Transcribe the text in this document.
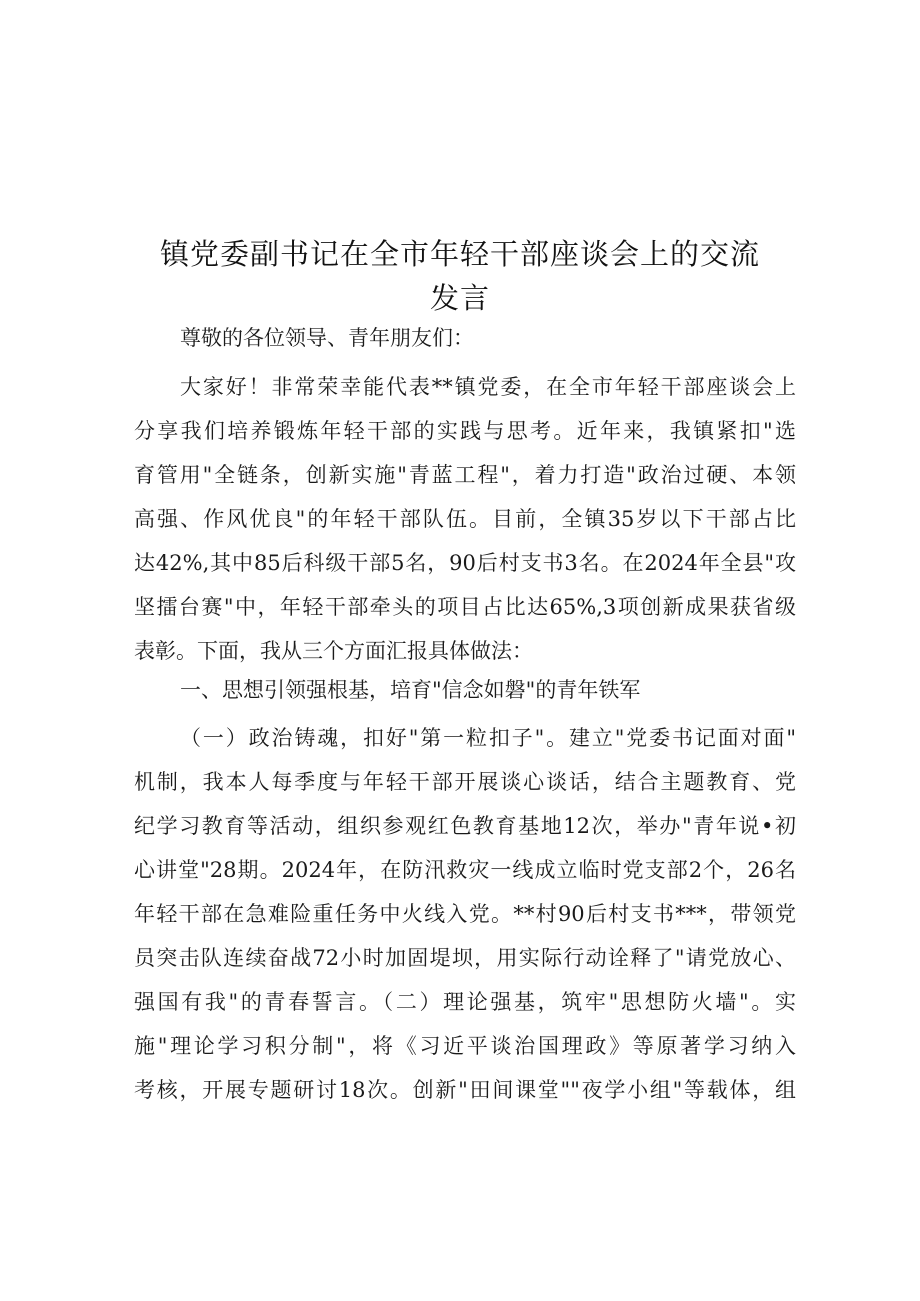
镇党委副书记在全市年轻干部座谈会上的交流
发言
尊敬的各位领导、青年朋友们：
大家好！非常荣幸能代表**镇党委，在全市年轻干部座谈会上
分享我们培养锻炼年轻干部的实践与思考。近年来，我镇紧扣"选
育管用"全链条，创新实施"青蓝工程"，着力打造"政治过硬、本领
高强、作风优良"的年轻干部队伍。目前，全镇35岁以下干部占比
达42%,其中85后科级干部5名，90后村支书3名。在2024年全县"攻
坚擂台赛"中，年轻干部牵头的项目占比达65%,3项创新成果获省级
表彰。下面，我从三个方面汇报具体做法：
一、思想引领强根基，培育"信念如磐"的青年铁军
（一）政治铸魂，扣好"第一粒扣子"。建立"党委书记面对面"
机制，我本人每季度与年轻干部开展谈心谈话，结合主题教育、党
纪学习教育等活动，组织参观红色教育基地12次，举办"青年说•初
心讲堂"28期。2024年，在防汛救灾一线成立临时党支部2个，26名
年轻干部在急难险重任务中火线入党。**村90后村支书***，带领党
员突击队连续奋战72小时加固堤坝，用实际行动诠释了"请党放心、
强国有我"的青春誓言。（二）理论强基，筑牢"思想防火墙"。实
施"理论学习积分制"，将《习近平谈治国理政》等原著学习纳入
考核，开展专题研讨18次。创新"田间课堂""夜学小组"等载体，组
